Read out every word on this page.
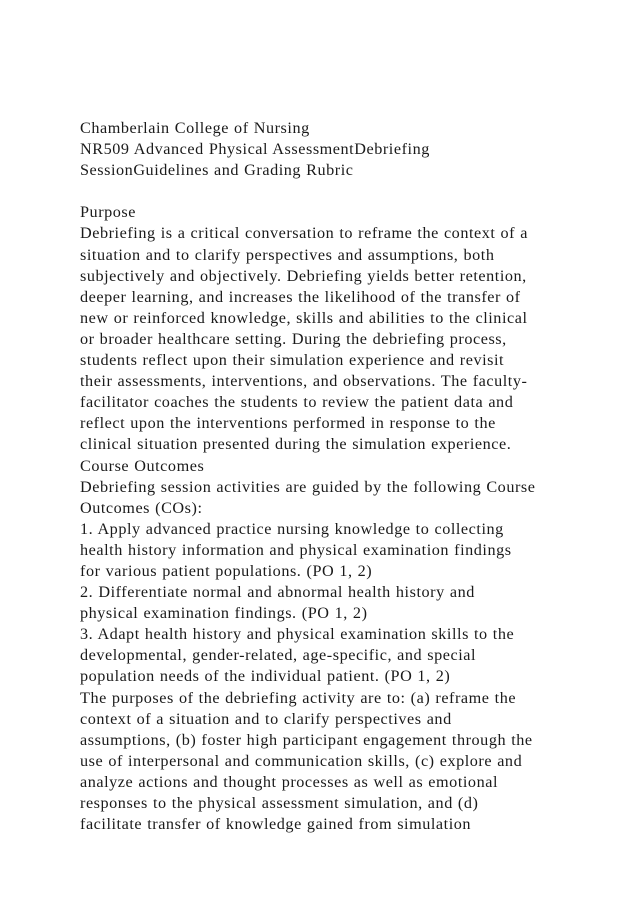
Chamberlain College of Nursing
NR509 Advanced Physical AssessmentDebriefing
SessionGuidelines and Grading Rubric
Purpose
Debriefing is a critical conversation to reframe the context of a
situation and to clarify perspectives and assumptions, both
subjectively and objectively. Debriefing yields better retention,
deeper learning, and increases the likelihood of the transfer of
new or reinforced knowledge, skills and abilities to the clinical
or broader healthcare setting. During the debriefing process,
students reflect upon their simulation experience and revisit
their assessments, interventions, and observations. The faculty-
facilitator coaches the students to review the patient data and
reflect upon the interventions performed in response to the
clinical situation presented during the simulation experience.
Course Outcomes
Debriefing session activities are guided by the following Course
Outcomes (COs):
1. Apply advanced practice nursing knowledge to collecting
health history information and physical examination findings
for various patient populations. (PO 1, 2)
2. Differentiate normal and abnormal health history and
physical examination findings. (PO 1, 2)
3. Adapt health history and physical examination skills to the
developmental, gender-related, age-specific, and special
population needs of the individual patient. (PO 1, 2)
The purposes of the debriefing activity are to: (a) reframe the
context of a situation and to clarify perspectives and
assumptions, (b) foster high participant engagement through the
use of interpersonal and communication skills, (c) explore and
analyze actions and thought processes as well as emotional
responses to the physical assessment simulation, and (d)
facilitate transfer of knowledge gained from simulation
